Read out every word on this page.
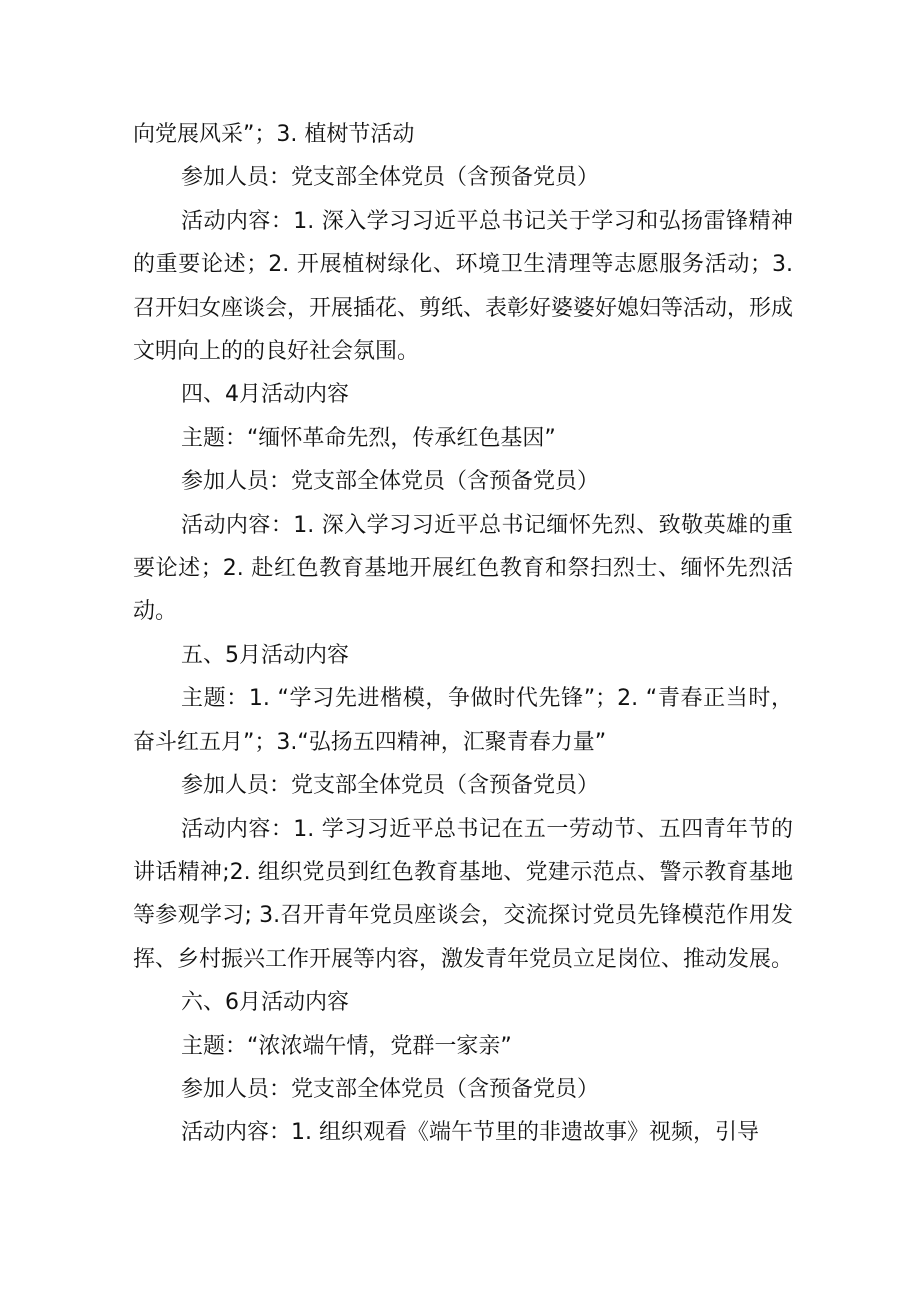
向党展风采”；3. 植树节活动

参加人员：党支部全体党员（含预备党员）

活动内容：1. 深入学习习近平总书记关于学习和弘扬雷锋精神的重要论述；2. 开展植树绿化、环境卫生清理等志愿服务活动；3. 召开妇女座谈会，开展插花、剪纸、表彰好婆婆好媳妇等活动，形成文明向上的的良好社会氛围。

四、4月活动内容

主题：“缅怀革命先烈，传承红色基因”

参加人员：党支部全体党员（含预备党员）

活动内容：1. 深入学习习近平总书记缅怀先烈、致敬英雄的重要论述；2. 赴红色教育基地开展红色教育和祭扫烈士、缅怀先烈活动。

五、5月活动内容

主题：1. “学习先进楷模，争做时代先锋”；2. “青春正当时，奋斗红五月”；3.“弘扬五四精神，汇聚青春力量”

参加人员：党支部全体党员（含预备党员）

活动内容：1. 学习习近平总书记在五一劳动节、五四青年节的讲话精神;2. 组织党员到红色教育基地、党建示范点、警示教育基地等参观学习; 3.召开青年党员座谈会，交流探讨党员先锋模范作用发挥、乡村振兴工作开展等内容，激发青年党员立足岗位、推动发展。

六、6月活动内容

主题：“浓浓端午情，党群一家亲”

参加人员：党支部全体党员（含预备党员）

活动内容：1. 组织观看《端午节里的非遗故事》视频，引导
